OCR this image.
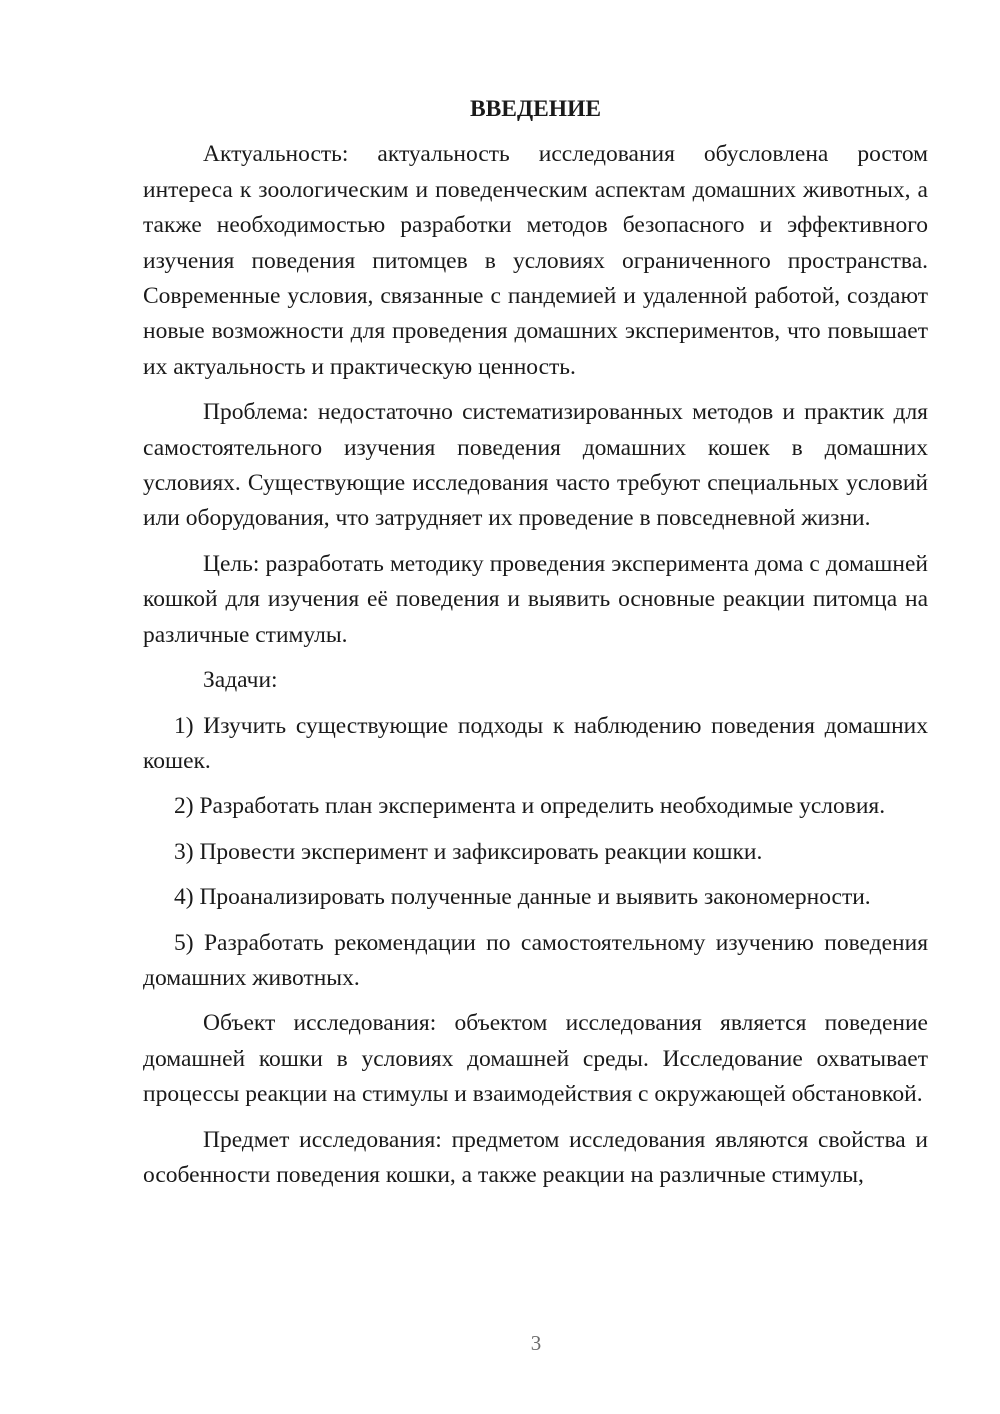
ВВЕДЕНИЕ

Актуальность: актуальность исследования обусловлена ростом интереса к зоологическим и поведенческим аспектам домашних животных, а также необходимостью разработки методов безопасного и эффективного изучения поведения питомцев в условиях ограниченного пространства. Современные условия, связанные с пандемией и удаленной работой, создают новые возможности для проведения домашних экспериментов, что повышает их актуальность и практическую ценность.

Проблема: недостаточно систематизированных методов и практик для самостоятельного изучения поведения домашних кошек в домашних условиях. Существующие исследования часто требуют специальных условий или оборудования, что затрудняет их проведение в повседневной жизни.

Цель: разработать методику проведения эксперимента дома с домашней кошкой для изучения её поведения и выявить основные реакции питомца на различные стимулы.

Задачи:

1) Изучить существующие подходы к наблюдению поведения домашних кошек.

2) Разработать план эксперимента и определить необходимые условия.

3) Провести эксперимент и зафиксировать реакции кошки.

4) Проанализировать полученные данные и выявить закономерности.

5) Разработать рекомендации по самостоятельному изучению поведения домашних животных.

Объект исследования: объектом исследования является поведение домашней кошки в условиях домашней среды. Исследование охватывает процессы реакции на стимулы и взаимодействия с окружающей обстановкой.

Предмет исследования: предметом исследования являются свойства и особенности поведения кошки, а также реакции на различные стимулы,

3
